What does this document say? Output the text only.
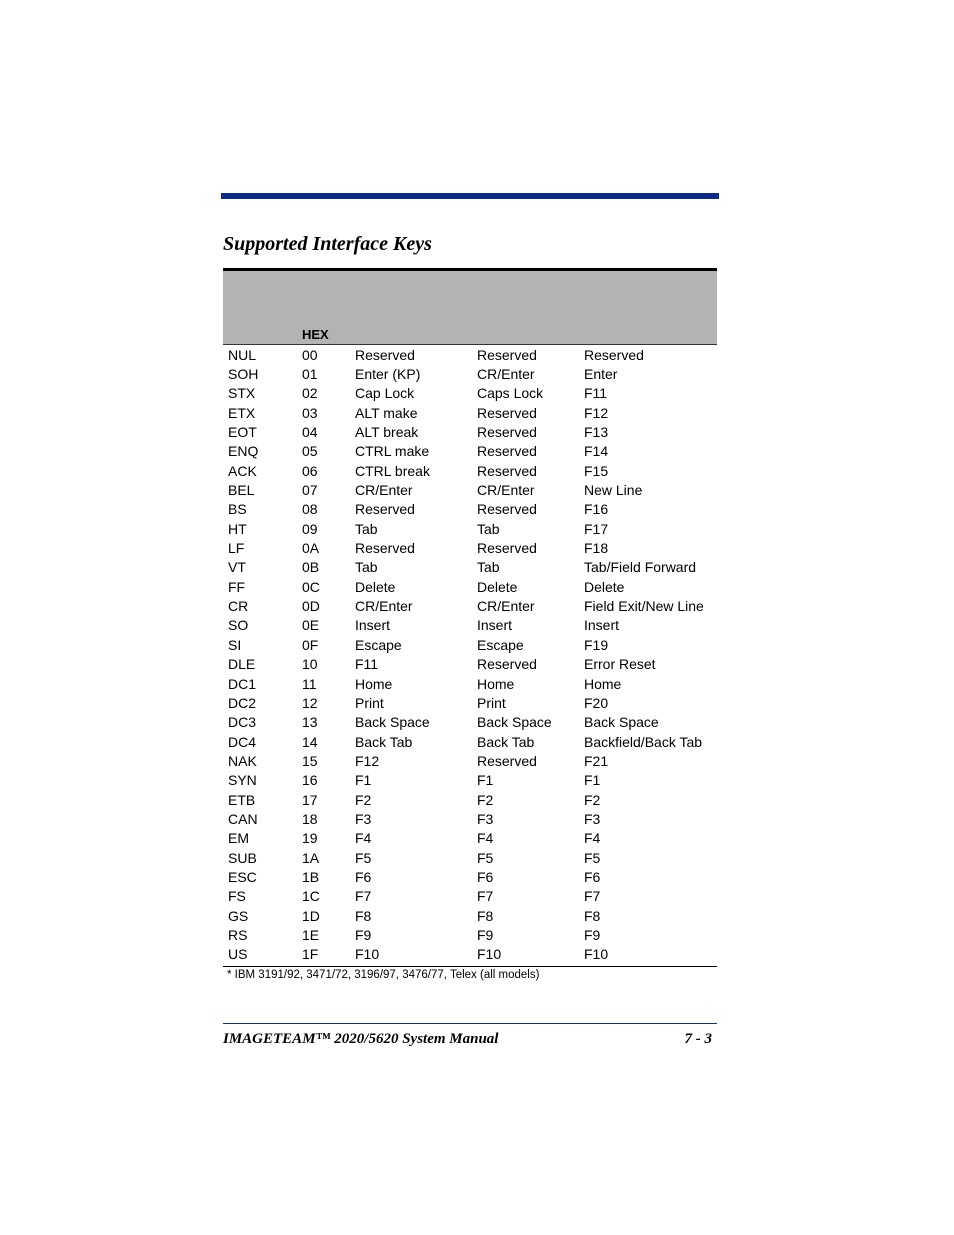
Supported Interface Keys
HEX
NUL	00	Reserved	Reserved	Reserved
SOH	01	Enter (KP)	CR/Enter	Enter
STX	02	Cap Lock	Caps Lock	F11
ETX	03	ALT make	Reserved	F12
EOT	04	ALT break	Reserved	F13
ENQ	05	CTRL make	Reserved	F14
ACK	06	CTRL break	Reserved	F15
BEL	07	CR/Enter	CR/Enter	New Line
BS	08	Reserved	Reserved	F16
HT	09	Tab	Tab	F17
LF	0A	Reserved	Reserved	F18
VT	0B	Tab	Tab	Tab/Field Forward
FF	0C	Delete	Delete	Delete
CR	0D	CR/Enter	CR/Enter	Field Exit/New Line
SO	0E	Insert	Insert	Insert
SI	0F	Escape	Escape	F19
DLE	10	F11	Reserved	Error Reset
DC1	11	Home	Home	Home
DC2	12	Print	Print	F20
DC3	13	Back Space	Back Space	Back Space
DC4	14	Back Tab	Back Tab	Backfield/Back Tab
NAK	15	F12	Reserved	F21
SYN	16	F1	F1	F1
ETB	17	F2	F2	F2
CAN	18	F3	F3	F3
EM	19	F4	F4	F4
SUB	1A	F5	F5	F5
ESC	1B	F6	F6	F6
FS	1C	F7	F7	F7
GS	1D	F8	F8	F8
RS	1E	F9	F9	F9
US	1F	F10	F10	F10
* IBM 3191/92, 3471/72, 3196/97, 3476/77, Telex (all models)
IMAGETEAM™ 2020/5620 System Manual	7 - 3
